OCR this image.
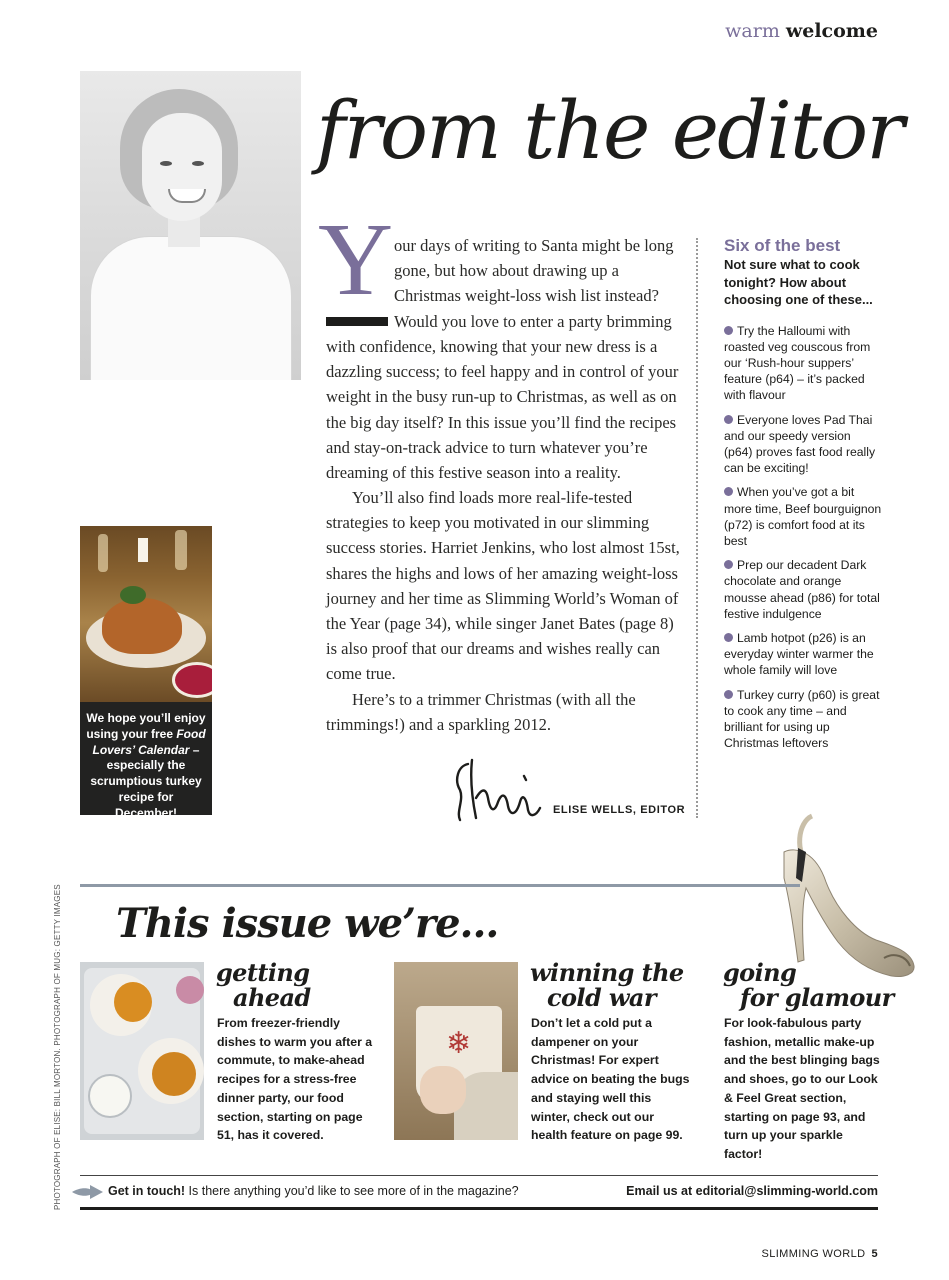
warm welcome
from the editor
Y our days of writing to Santa might be long gone, but how about drawing up a Christmas weight-loss wish list instead? Would you love to enter a party brimming
with confidence, knowing that your new dress is a dazzling success; to feel happy and in control of your weight in the busy run-up to Christmas, as well as on the big day itself? In this issue you’ll find the recipes and stay-on-track advice to turn whatever you’re dreaming of this festive season into a reality.
You’ll also find loads more real-life-tested strategies to keep you motivated in our slimming success stories. Harriet Jenkins, who lost almost 15st, shares the highs and lows of her amazing weight-loss journey and her time as Slimming World’s Woman of the Year (page 34), while singer Janet Bates (page 8) is also proof that our dreams and wishes really can come true.
Here’s to a trimmer Christmas (with all the trimmings!) and a sparkling 2012.
ELISE WELLS, EDITOR

Six of the best

Not sure what to cook tonight? How about choosing one of these...

Try the Halloumi with roasted veg couscous from our ‘Rush-hour suppers’ feature (p64) – it’s packed with flavour

Everyone loves Pad Thai and our speedy version (p64) proves fast food really can be exciting!

When you’ve got a bit more time, Beef bourguignon (p72) is comfort food at its best

Prep our decadent Dark chocolate and orange mousse ahead (p86) for total festive indulgence

Lamb hotpot (p26) is an everyday winter warmer the whole family will love

Turkey curry (p60) is great to cook any time – and brilliant for using up Christmas leftovers

We hope you’ll enjoy using your free Food Lovers’ Calendar – especially the scrumptious turkey recipe for December!
This issue we’re...
PHOTOGRAPH OF ELISE: BILL MORTON. PHOTOGRAPH OF MUG: GETTY IMAGES	getting
ahead
From freezer-friendly dishes to warm you after a commute, to make-ahead recipes for a stress-free dinner party, our food section, starting on page 51, has it covered.
❄
winning the
cold war
Don’t let a cold put a dampener on your Christmas! For expert advice on beating the bugs and staying well this winter, check out our health feature on page 99.
going
for glamour
For look-fabulous party fashion, metallic make-up and the best blinging bags and shoes, go to our Look & Feel Great section, starting on page 93, and turn up your sparkle factor!
Get in touch! Is there anything you’d like to see more of in the magazine?	Email us at editorial@slimming-world.com
SLIMMING WORLD 5
